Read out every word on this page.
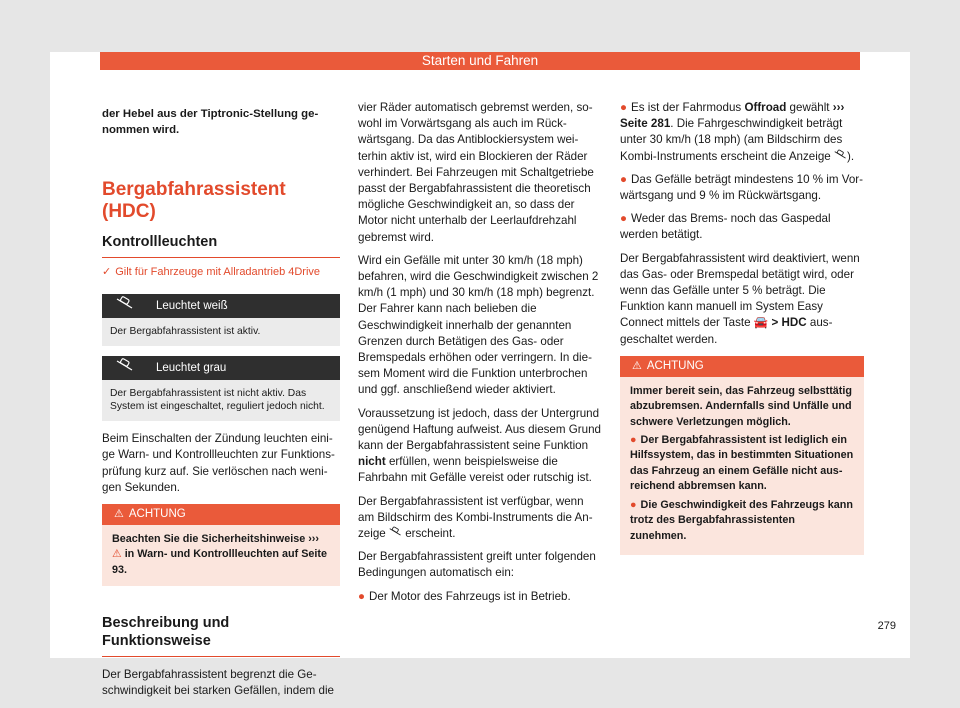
Starten und Fahren

der Hebel aus der Tiptronic-Stellung genommen wird.

Bergabfahrassistent (HDC)
Kontrollleuchten
✓ Gilt für Fahrzeuge mit Allradantrieb 4Drive
Leuchtet weiß
Der Bergabfahrassistent ist aktiv.
Leuchtet grau
Der Bergabfahrassistent ist nicht aktiv. Das System ist eingeschaltet, reguliert jedoch nicht.

Beim Einschalten der Zündung leuchten einige Warn- und Kontrollleuchten zur Funktionsprüfung kurz auf. Sie verlöschen nach wenigen Sekunden.

⚠ ACHTUNG
Beachten Sie die Sicherheitshinweise ››› ⚠ in Warn- und Kontrollleuchten auf Seite 93.
Beschreibung und Funktionsweise

Der Bergabfahrassistent begrenzt die Geschwindigkeit bei starken Gefällen, indem die

vier Räder automatisch gebremst werden, sowohl im Vorwärtsgang als auch im Rückwärtsgang. Da das Antiblockiersystem weiterhin aktiv ist, wird ein Blockieren der Räder verhindert. Bei Fahrzeugen mit Schaltgetriebe passt der Bergabfahrassistent die theoretisch mögliche Geschwindigkeit an, so dass der Motor nicht unterhalb der Leerlaufdrehzahl gebremst wird.

Wird ein Gefälle mit unter 30 km/h (18 mph) befahren, wird die Geschwindigkeit zwischen 2 km/h (1 mph) und 30 km/h (18 mph) begrenzt. Der Fahrer kann nach belieben die Geschwindigkeit innerhalb der genannten Grenzen durch Betätigen des Gas- oder Bremspedals erhöhen oder verringern. In diesem Moment wird die Funktion unterbrochen und ggf. anschließend wieder aktiviert.

Voraussetzung ist jedoch, dass der Untergrund genügend Haftung aufweist. Aus diesem Grund kann der Bergabfahrassistent seine Funktion nicht erfüllen, wenn beispielsweise die Fahrbahn mit Gefälle vereist oder rutschig ist.

Der Bergabfahrassistent ist verfügbar, wenn am Bildschirm des Kombi-Instruments die Anzeige erscheint.

Der Bergabfahrassistent greift unter folgenden Bedingungen automatisch ein:

● Der Motor des Fahrzeugs ist in Betrieb.

● Es ist der Fahrmodus Offroad gewählt ››› Seite 281. Die Fahrgeschwindigkeit beträgt unter 30 km/h (18 mph) (am Bildschirm des Kombi-Instruments erscheint die Anzeige ).

● Das Gefälle beträgt mindestens 10 % im Vorwärtsgang und 9 % im Rückwärtsgang.

● Weder das Brems- noch das Gaspedal werden betätigt.

Der Bergabfahrassistent wird deaktiviert, wenn das Gas- oder Bremspedal betätigt wird, oder wenn das Gefälle unter 5 % beträgt. Die Funktion kann manuell im System Easy Connect mittels der Taste 🚘 > HDC ausgeschaltet werden.

⚠ ACHTUNG

Immer bereit sein, das Fahrzeug selbsttätig abzubremsen. Andernfalls sind Unfälle und schwere Verletzungen möglich.

● Der Bergabfahrassistent ist lediglich ein Hilfssystem, das in bestimmten Situationen das Fahrzeug an einem Gefälle nicht ausreichend abbremsen kann.

● Die Geschwindigkeit des Fahrzeugs kann trotz des Bergabfahrassistenten zunehmen.

279
